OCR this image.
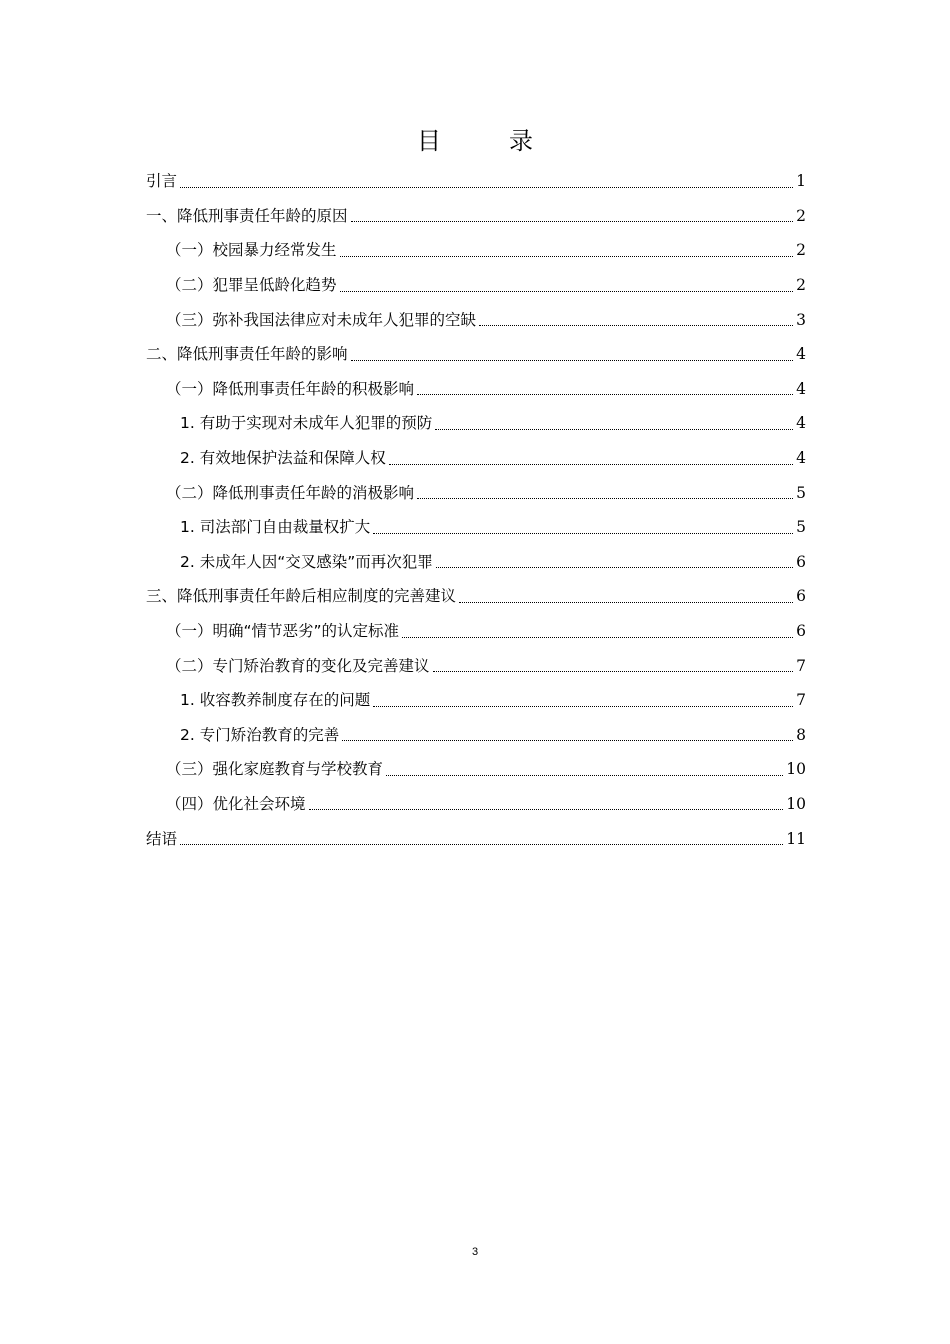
目　录
引言	1
一、降低刑事责任年龄的原因	2
（一）校园暴力经常发生	2
（二）犯罪呈低龄化趋势	2
（三）弥补我国法律应对未成年人犯罪的空缺	3
二、降低刑事责任年龄的影响	4
（一）降低刑事责任年龄的积极影响	4
1. 有助于实现对未成年人犯罪的预防	4
2. 有效地保护法益和保障人权	4
（二）降低刑事责任年龄的消极影响	5
1. 司法部门自由裁量权扩大	5
2. 未成年人因“交叉感染”而再次犯罪	6
三、降低刑事责任年龄后相应制度的完善建议	6
（一）明确“情节恶劣”的认定标准	6
（二）专门矫治教育的变化及完善建议	7
1. 收容教养制度存在的问题	7
2. 专门矫治教育的完善	8
（三）强化家庭教育与学校教育	10
（四）优化社会环境	10
结语	11
3
